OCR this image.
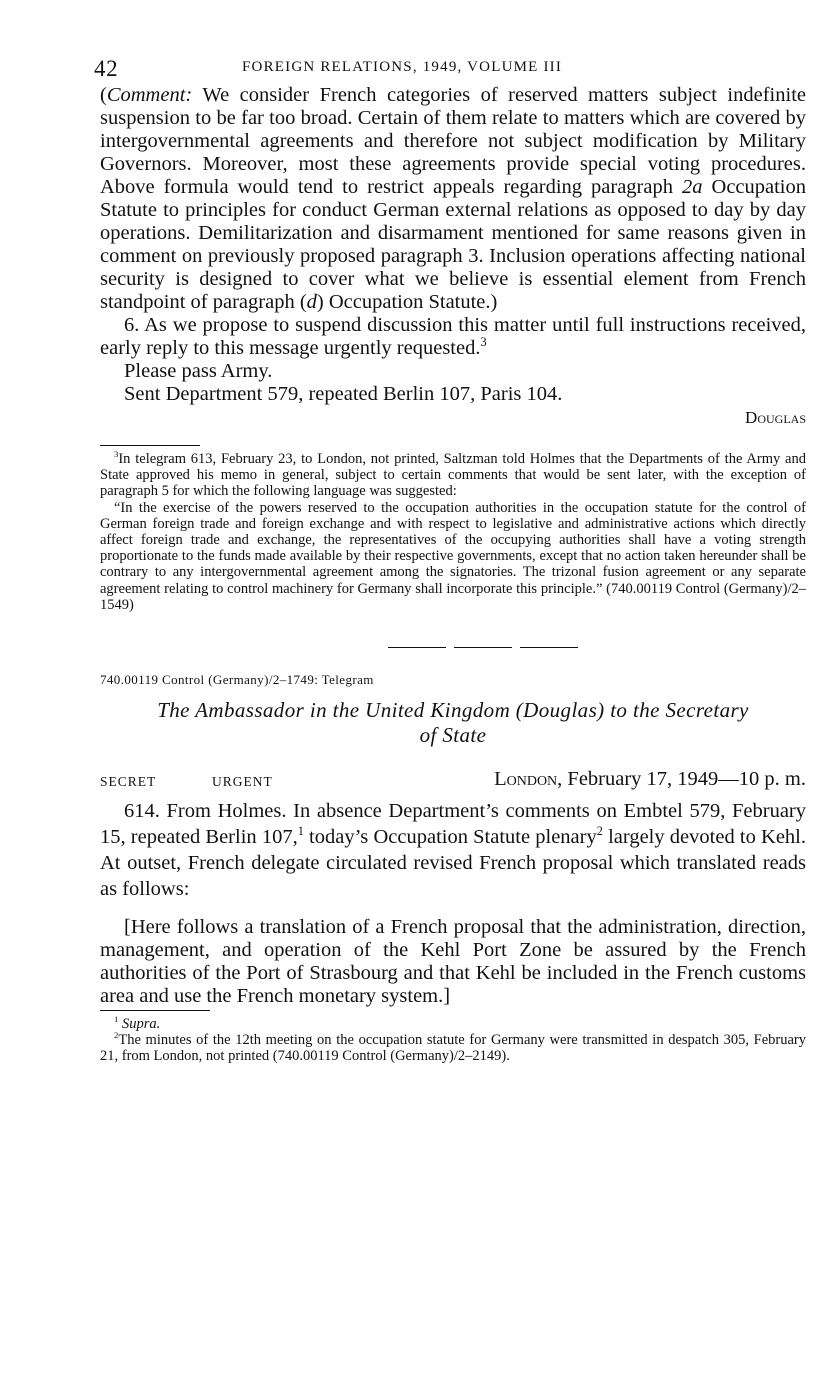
42	FOREIGN RELATIONS, 1949, VOLUME III

(Comment: We consider French categories of reserved matters subject indefinite suspension to be far too broad. Certain of them relate to matters which are covered by intergovernmental agreements and therefore not subject modification by Military Governors. Moreover, most these agreements provide special voting procedures. Above formula would tend to restrict appeals regarding paragraph 2a Occupation Statute to principles for conduct German external relations as opposed to day by day operations. Demilitarization and disarmament mentioned for same reasons given in comment on previously proposed paragraph 3. Inclusion operations affecting national security is designed to cover what we believe is essential element from French standpoint of paragraph (d) Occupation Statute.)

6. As we propose to suspend discussion this matter until full instructions received, early reply to this message urgently requested.$^3$

Please pass Army.

Sent Department 579, repeated Berlin 107, Paris 104.

Douglas

$^3$In telegram 613, February 23, to London, not printed, Saltzman told Holmes that the Departments of the Army and State approved his memo in general, subject to certain comments that would be sent later, with the exception of paragraph 5 for which the following language was suggested:

“In the exercise of the powers reserved to the occupation authorities in the occupation statute for the control of German foreign trade and foreign exchange and with respect to legislative and administrative actions which directly affect foreign trade and exchange, the representatives of the occupying authorities shall have a voting strength proportionate to the funds made available by their respective governments, except that no action taken hereunder shall be contrary to any intergovernmental agreement among the signatories. The trizonal fusion agreement or any separate agreement relating to control machinery for Germany shall incorporate this principle.” (740.00119 Control (Germany)/2–1549)

740.00119 Control (Germany)/2–1749: Telegram
The Ambassador in the United Kingdom (Douglas) to the Secretary
of State
SECRET	URGENT	London, February 17, 1949—10 p. m.

614. From Holmes. In absence Department’s comments on Embtel 579, February 15, repeated Berlin 107,$^1$ today’s Occupation Statute plenary$^2$ largely devoted to Kehl. At outset, French delegate circulated revised French proposal which translated reads as follows:

[Here follows a translation of a French proposal that the administration, direction, management, and operation of the Kehl Port Zone be assured by the French authorities of the Port of Strasbourg and that Kehl be included in the French customs area and use the French monetary system.]

$^1$ Supra.

$^2$The minutes of the 12th meeting on the occupation statute for Germany were transmitted in despatch 305, February 21, from London, not printed (740.00119 Control (Germany)/2–2149).
